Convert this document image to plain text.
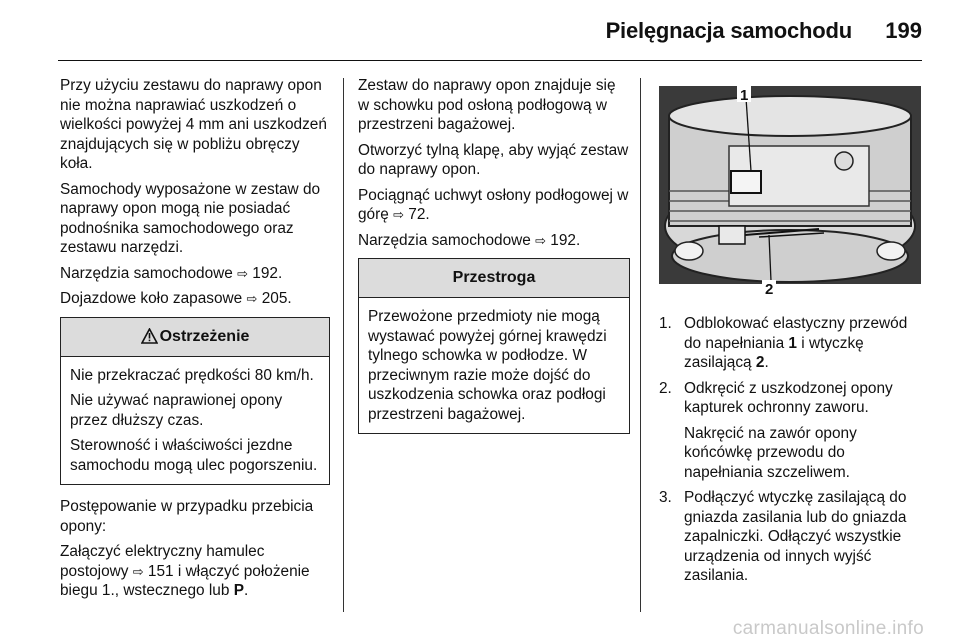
Pielęgnacja samochodu 199

Przy użyciu zestawu do naprawy opon nie można naprawiać uszkodzeń o wielkości powyżej 4 mm ani uszkodzeń znajdujących się w pobliżu obręczy koła.

Samochody wyposażone w zestaw do naprawy opon mogą nie posiadać podnośnika samochodowego oraz zestawu narzędzi.

Narzędzia samochodowe ⇨ 192.

Dojazdowe koło zapasowe ⇨ 205.

Ostrzeżenie

Nie przekraczać prędkości 80 km/h.

Nie używać naprawionej opony przez dłuższy czas.

Sterowność i właściwości jezdne samochodu mogą ulec pogorszeniu.

Postępowanie w przypadku przebicia opony:

Załączyć elektryczny hamulec postojowy ⇨ 151 i włączyć położenie biegu 1., wstecznego lub P.

Zestaw do naprawy opon znajduje się w schowku pod osłoną podłogową w przestrzeni bagażowej.

Otworzyć tylną klapę, aby wyjąć zestaw do naprawy opon.

Pociągnąć uchwyt osłony podłogowej w górę ⇨ 72.

Narzędzia samochodowe ⇨ 192.

Przestroga

Przewożone przedmioty nie mogą wystawać powyżej górnej krawędzi tylnego schowka w podłodze. W przeciwnym razie może dojść do uszkodzenia schowka oraz podłogi przestrzeni bagażowej.

1
2
1. Odblokować elastyczny przewód do napełniania 1 i wtyczkę zasilającą 2.
2. Odkręcić z uszkodzonej opony kapturek ochronny zaworu.

Nakręcić na zawór opony końcówkę przewodu do napełniania szczeliwem.

3. Podłączyć wtyczkę zasilającą do gniazda zasilania lub do gniazda zapalniczki. Odłączyć wszystkie urządzenia od innych wyjść zasilania.
carmanualsonline.info
